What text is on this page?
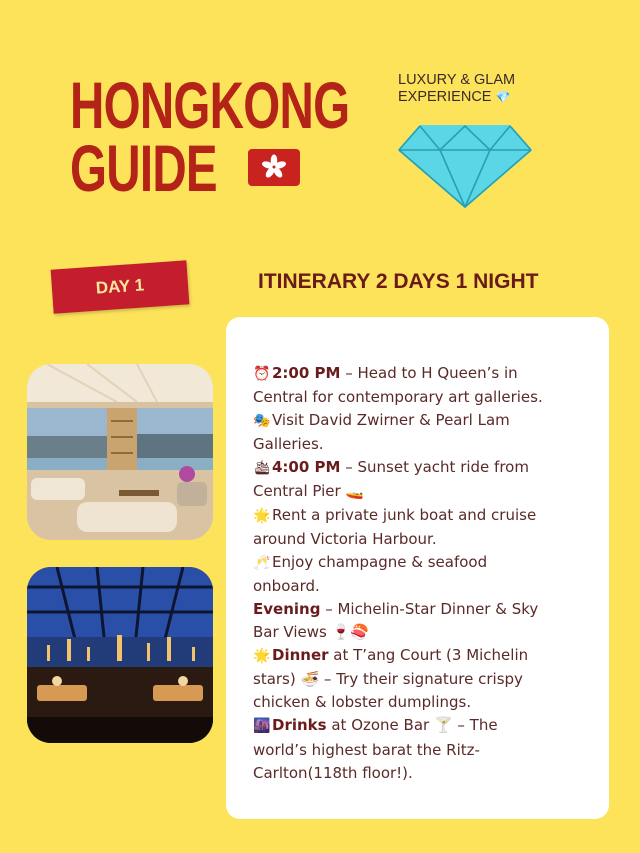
HONGKONG
GUIDE
LUXURY & GLAM
EXPERIENCE 💎
DAY 1	ITINERARY 2 DAYS 1 NIGHT
⏰ 2:00 PM – Head to H Queen’s in
Central for contemporary art galleries.
🎭 Visit David Zwirner & Pearl Lam
Galleries.
🛳4:00 PM – Sunset yacht ride from
Central Pier 🚤
🌟 Rent a private junk boat and cruise
around Victoria Harbour.
🥂 Enjoy champagne & seafood
onboard.
Evening – Michelin-Star Dinner & Sky
Bar Views 🍷🍣
🌟 Dinner at T’ang Court (3 Michelin
stars) 🍜 – Try their signature crispy
chicken & lobster dumplings.
🌆 Drinks at Ozone Bar 🍸 – The
world’s highest barat the Ritz-
Carlton(118th floor!).
